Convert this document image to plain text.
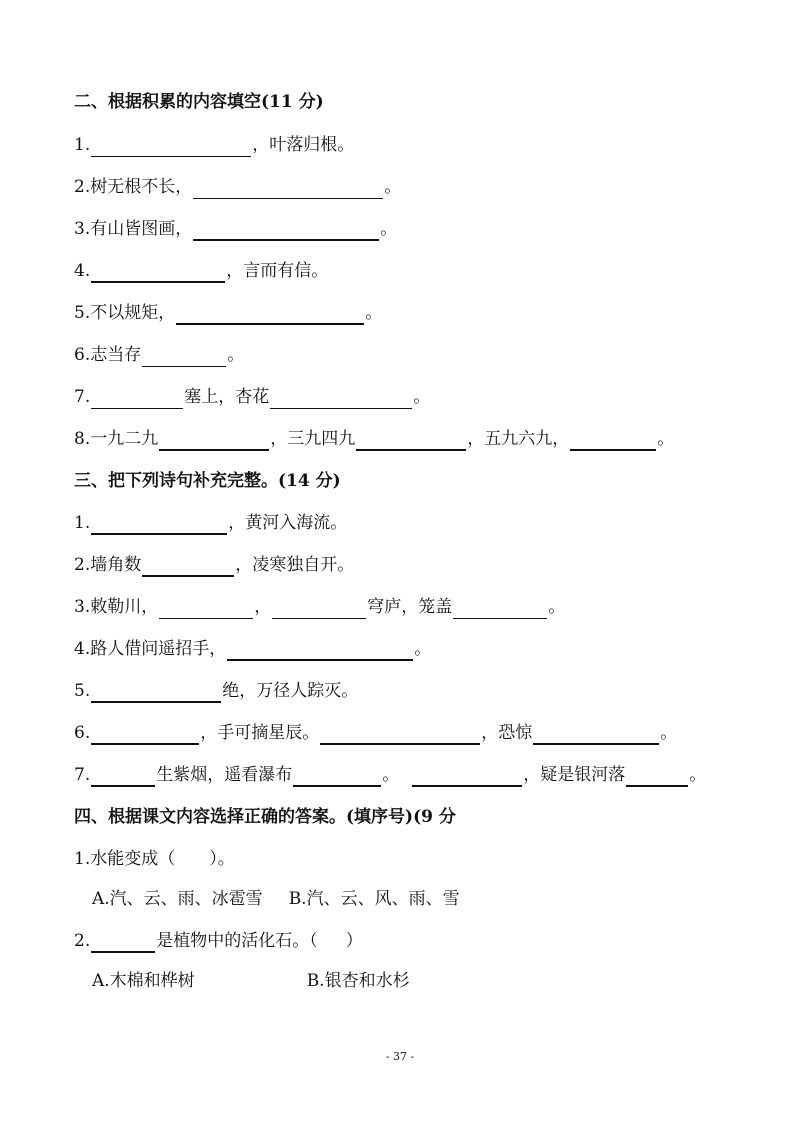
二、根据积累的内容填空(11 分)
1.	，叶落归根。
2. 树无根不长，	。
3. 有山皆图画，	。
4.	，言而有信。
5. 不以规矩，	。
6. 志当存	。
7.	塞上，杏花	。
8. 一九二九	，三九四九	，五九六九，	。
三、把下列诗句补充完整。(14 分)
1.	，黄河入海流。
2. 墙角数	，凌寒独自开。
3. 敕勒川，	，	穹庐，笼盖	。
4. 路人借问遥招手，	。
5.	绝，万径人踪灭。
6.	，手可摘星辰。	，恐惊	。
7.	生紫烟，遥看瀑布	。	，疑是银河落	。
四、根据课文内容选择正确的答案。(填序号)(9 分
1. 水能变成（ ）。
A.汽、云、雨、冰雹雪 B.汽、云、风、雨、雪
2.	是植物中的活化石。（ ）
A.木棉和桦树	B.银杏和水杉
- 37 -
